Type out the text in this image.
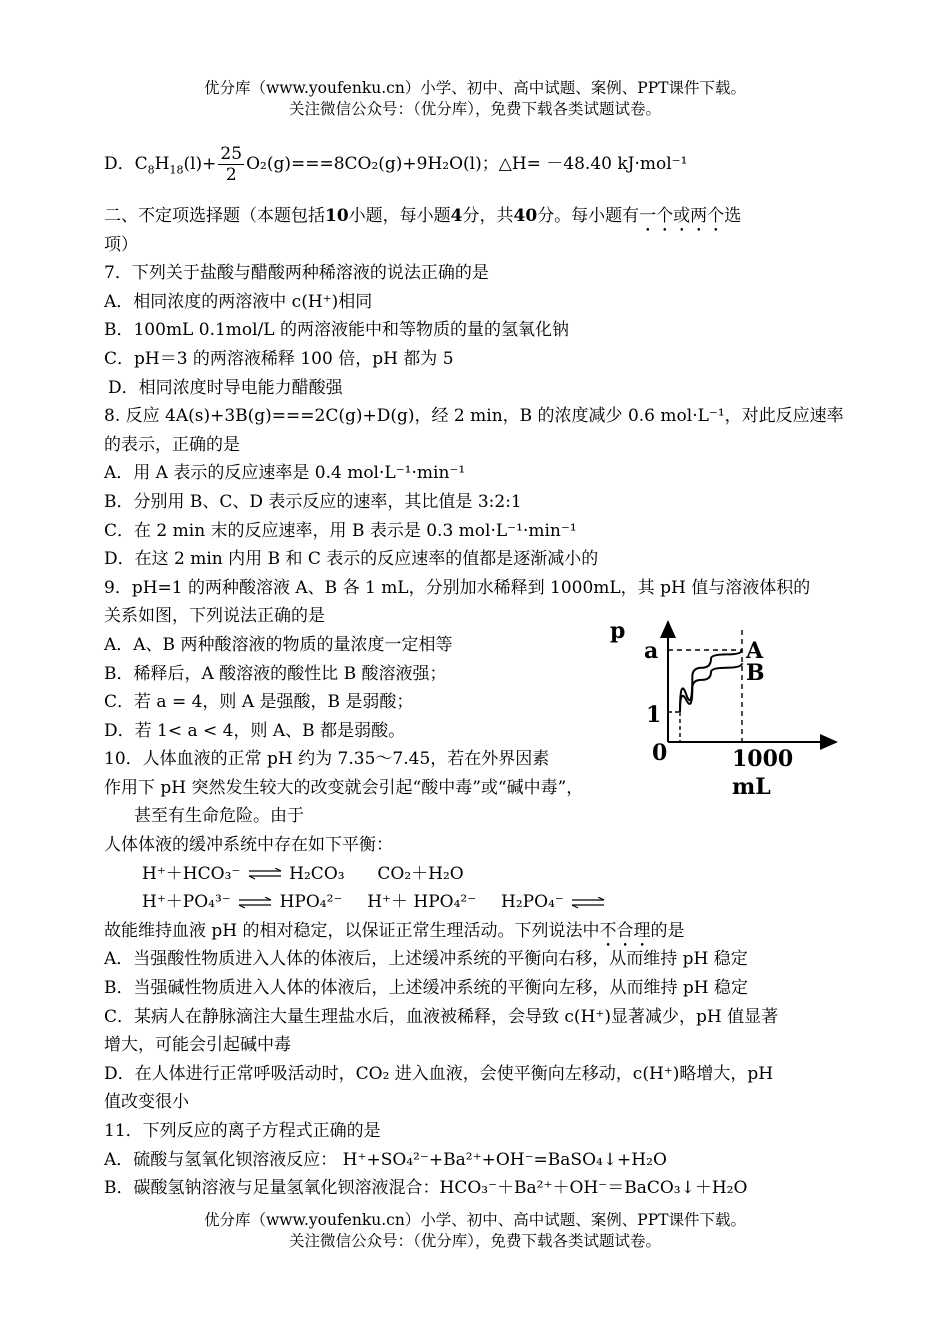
优分库（www.youfenku.cn）小学、初中、高中试题、案例、PPT课件下载。
关注微信公众号：（优分库），免费下载各类试题试卷。
D．$C_8H_{18}(l)+ \frac{25}{2} O_2(g)===8CO_2(g)+9H_2O(l)$；△H= －48.40 kJ·mol⁻¹
二、不定项选择题（本题包括10小题，每小题4分，共40分。每小题有一个或两个选
项）
7．下列关于盐酸与醋酸两种稀溶液的说法正确的是
A．相同浓度的两溶液中 c(H⁺)相同
B．100mL 0.1mol/L 的两溶液能中和等物质的量的氢氧化钠
C．pH＝3 的两溶液稀释 100 倍，pH 都为 5
D．相同浓度时导电能力醋酸强
8. 反应 4A(s)+3B(g)===2C(g)+D(g)，经 2 min，B 的浓度减少 0.6 mol·L⁻¹，对此反应速率
的表示，正确的是
A．用 A 表示的反应速率是 0.4 mol·L⁻¹·min⁻¹
B．分别用 B、C、D 表示反应的速率，其比值是 3:2:1
C．在 2 min 末的反应速率，用 B 表示是 0.3 mol·L⁻¹·min⁻¹
D．在这 2 min 内用 B 和 C 表示的反应速率的值都是逐渐减小的
9．pH=1 的两种酸溶液 A、B 各 1 mL，分别加水稀释到 1000mL，其 pH 值与溶液体积的
关系如图，下列说法正确的是
A．A、B 两种酸溶液的物质的量浓度一定相等
B．稀释后，A 酸溶液的酸性比 B 酸溶液强；
C．若 a = 4，则 A 是强酸，B 是弱酸；
D．若 1< a < 4，则 A、B 都是弱酸。
10．人体血液的正常 pH 约为 7.35～7.45，若在外界因素
作用下 pH 突然发生较大的改变就会引起“酸中毒”或“碱中毒”，
甚至有生命危险。由于
人体体液的缓冲系统中存在如下平衡：
H⁺＋HCO₃⁻ ⇌ H₂CO₃ CO₂＋H₂O
H⁺＋PO₄³⁻ ⇌ HPO₄²⁻ H⁺＋ HPO₄²⁻ H₂PO₄⁻ ⇌
故能维持血液 pH 的相对稳定，以保证正常生理活动。下列说法中不合理的是
A．当强酸性物质进入人体的体液后，上述缓冲系统的平衡向右移，从而维持 pH 稳定
B．当强碱性物质进入人体的体液后，上述缓冲系统的平衡向左移，从而维持 pH 稳定
C．某病人在静脉滴注大量生理盐水后，血液被稀释，会导致 c(H⁺)显著减少，pH 值显著
增大，可能会引起碱中毒
D．在人体进行正常呼吸活动时，CO₂ 进入血液，会使平衡向左移动，c(H⁺)略增大，pH
值改变很小
11．下列反应的离子方程式正确的是
A．硫酸与氢氧化钡溶液反应： H⁺+SO₄²⁻+Ba²⁺+OH⁻=BaSO₄↓+H₂O
B．碳酸氢钠溶液与足量氢氧化钡溶液混合：HCO₃⁻＋Ba²⁺＋OH⁻＝BaCO₃↓＋H₂O
p
a
1
0	1000
mL
A
B
优分库（www.youfenku.cn）小学、初中、高中试题、案例、PPT课件下载。
关注微信公众号：（优分库），免费下载各类试题试卷。
